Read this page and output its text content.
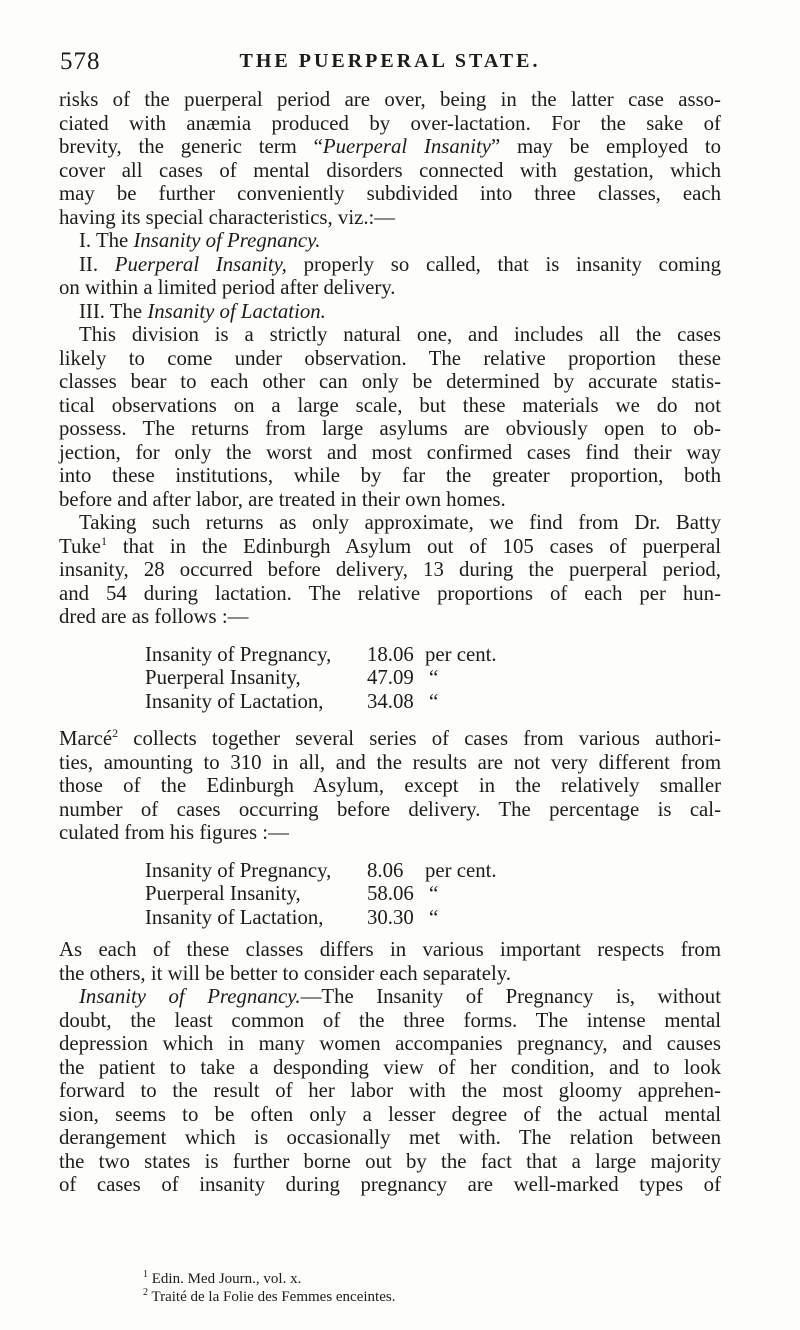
578	THE PUERPERAL STATE.
risks of the puerperal period are over, being in the latter case asso-
ciated with anæmia produced by over-lactation. For the sake of
brevity, the generic term “Puerperal Insanity” may be employed to
cover all cases of mental disorders connected with gestation, which
may be further conveniently subdivided into three classes, each
having its special characteristics, viz.:—
I. The Insanity of Pregnancy.
II. Puerperal Insanity, properly so called, that is insanity coming
on within a limited period after delivery.
III. The Insanity of Lactation.
This division is a strictly natural one, and includes all the cases
likely to come under observation. The relative proportion these
classes bear to each other can only be determined by accurate statis-
tical observations on a large scale, but these materials we do not
possess. The returns from large asylums are obviously open to ob-
jection, for only the worst and most confirmed cases find their way
into these institutions, while by far the greater proportion, both
before and after labor, are treated in their own homes.
Taking such returns as only approximate, we find from Dr. Batty
Tuke$^1$ that in the Edinburgh Asylum out of 105 cases of puerperal
insanity, 28 occurred before delivery, 13 during the puerperal period,
and 54 during lactation. The relative proportions of each per hun-
dred are as follows :—
Insanity of Pregnancy,	18.06 per cent.
Puerperal Insanity,	47.09 “
Insanity of Lactation,	34.08 “
Marcé$^2$ collects together several series of cases from various authori-
ties, amounting to 310 in all, and the results are not very different from
those of the Edinburgh Asylum, except in the relatively smaller
number of cases occurring before delivery. The percentage is cal-
culated from his figures :—
Insanity of Pregnancy,	8.06	per cent.
Puerperal Insanity,	58.06 “
Insanity of Lactation,	30.30 “
As each of these classes differs in various important respects from
the others, it will be better to consider each separately.
Insanity of Pregnancy.—The Insanity of Pregnancy is, without
doubt, the least common of the three forms. The intense mental
depression which in many women accompanies pregnancy, and causes
the patient to take a desponding view of her condition, and to look
forward to the result of her labor with the most gloomy apprehen-
sion, seems to be often only a lesser degree of the actual mental
derangement which is occasionally met with. The relation between
the two states is further borne out by the fact that a large majority
of cases of insanity during pregnancy are well-marked types of
$^1$ Edin. Med Journ., vol. x.
$^2$ Traité de la Folie des Femmes enceintes.
